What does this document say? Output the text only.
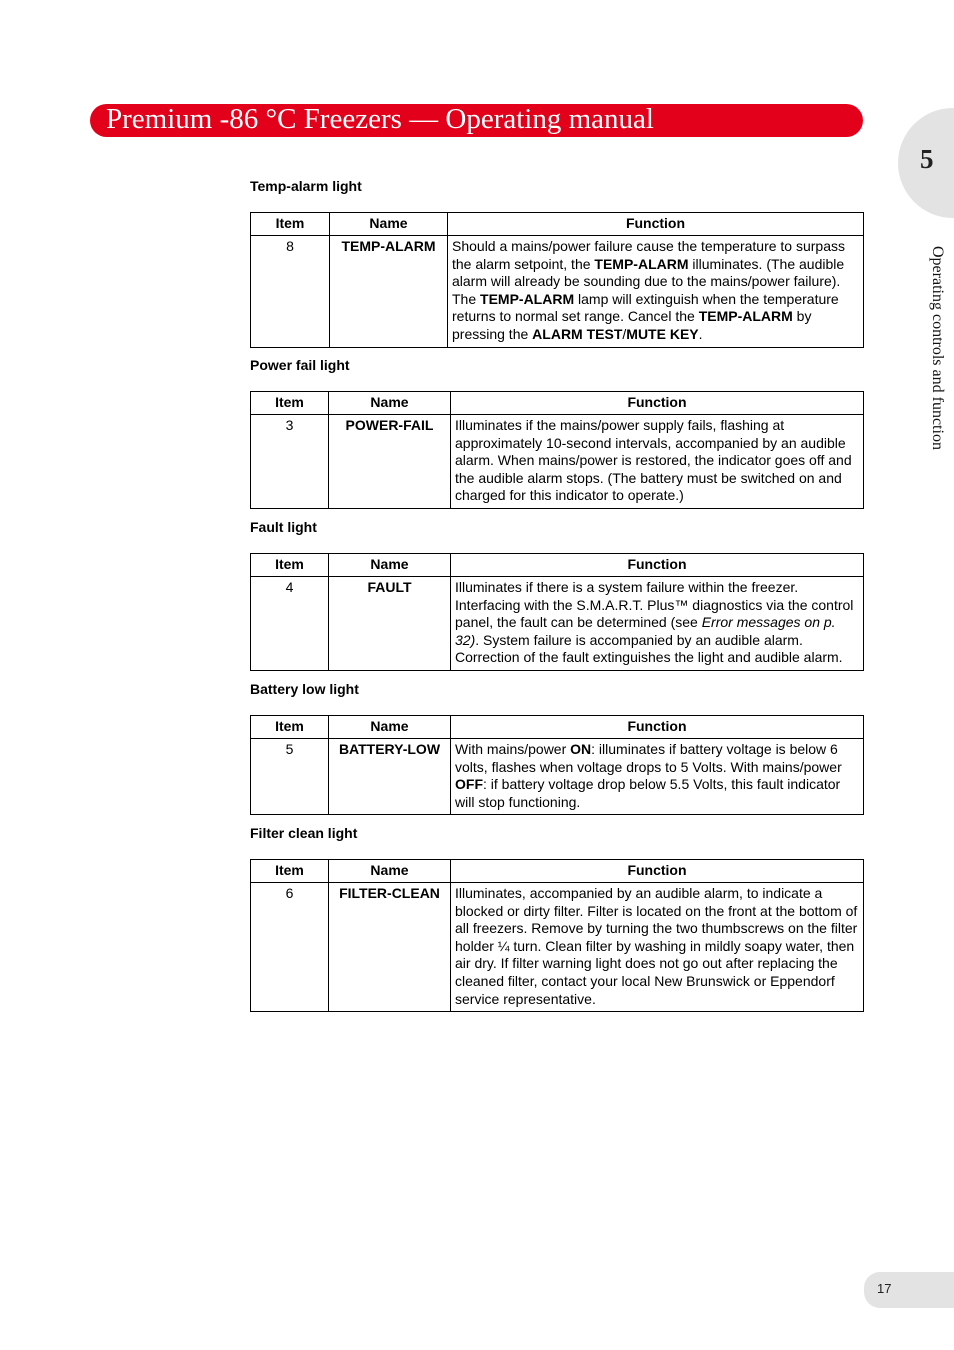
Premium -86 °C Freezers — Operating manual
5
Operating controls and function
Temp-alarm light
Item	Name	Function
8	TEMP-ALARM	Should a mains/power failure cause the temperature to surpass the alarm setpoint, the TEMP-ALARM illuminates. (The audible alarm will already be sounding due to the mains/power failure). The TEMP-ALARM lamp will extinguish when the temperature returns to normal set range. Cancel the TEMP-ALARM by pressing the ALARM TEST/MUTE KEY.
Power fail light
Item	Name	Function
3	POWER-FAIL	Illuminates if the mains/power supply fails, flashing at approximately 10-second intervals, accompanied by an audible alarm. When mains/power is restored, the indicator goes off and the audible alarm stops. (The battery must be switched on and charged for this indicator to operate.)
Fault light
Item	Name	Function
4	FAULT	Illuminates if there is a system failure within the freezer. Interfacing with the S.M.A.R.T. Plus™ diagnostics via the control panel, the fault can be determined (see Error messages on p. 32). System failure is accompanied by an audible alarm. Correction of the fault extinguishes the light and audible alarm.
Battery low light
Item	Name	Function
5	BATTERY-LOW	With mains/power ON: illuminates if battery voltage is below 6 volts, flashes when voltage drops to 5 Volts. With mains/power OFF: if battery voltage drop below 5.5 Volts, this fault indicator will stop functioning.
Filter clean light
Item	Name	Function
6	FILTER-CLEAN	Illuminates, accompanied by an audible alarm, to indicate a blocked or dirty filter. Filter is located on the front at the bottom of all freezers. Remove by turning the two thumbscrews on the filter holder ¼ turn. Clean filter by washing in mildly soapy water, then air dry. If filter warning light does not go out after replacing the cleaned filter, contact your local New Brunswick or Eppendorf service representative.
17
